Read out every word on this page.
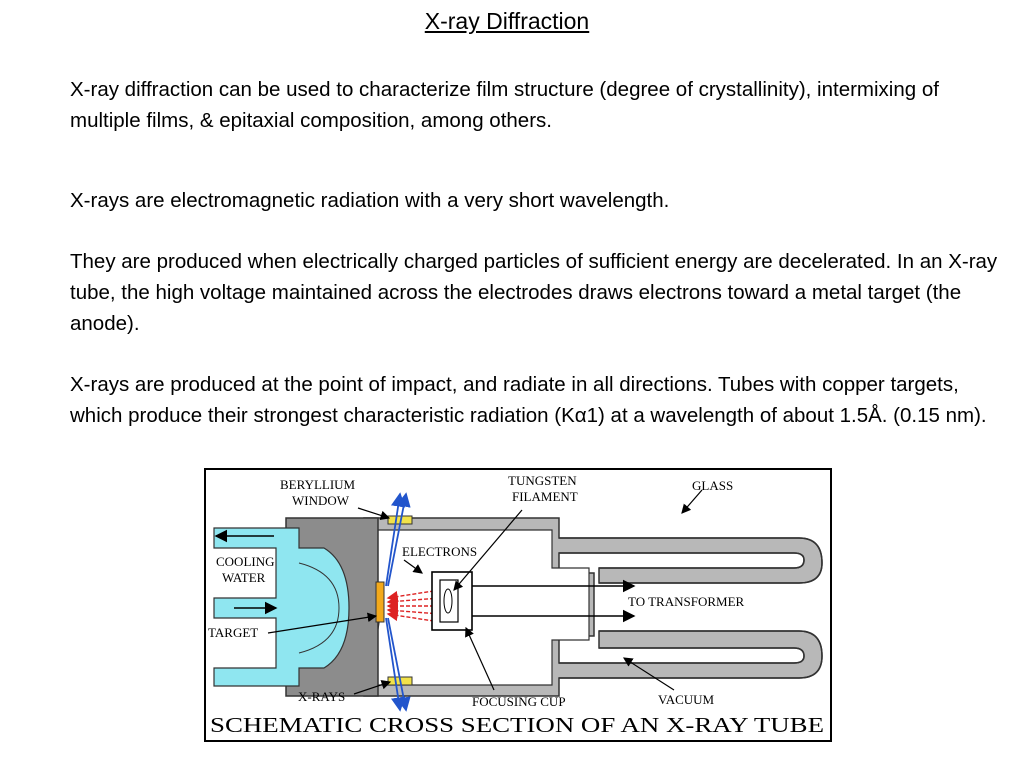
X-ray Diffraction
X-ray diffraction can be used to characterize film structure (degree of crystallinity), intermixing of multiple films, & epitaxial composition, among others.
X-rays are electromagnetic radiation with a very short wavelength.
They are produced when electrically charged particles of sufficient energy are decelerated. In an X-ray tube, the high voltage maintained across the electrodes draws electrons toward a metal target (the anode).
X-rays are produced at the point of impact, and radiate in all directions. Tubes with copper targets, which produce their strongest characteristic radiation (Kα1) at a wavelength of about 1.5Å. (0.15 nm).
BERYLLIUM
WINDOW
TUNGSTEN
FILAMENT
GLASS
ELECTRONS
COOLING
WATER
TO TRANSFORMER
TARGET
X-RAYS	FOCUSING CUP	VACUUM
SCHEMATIC CROSS SECTION OF AN X-RAY TUBE
